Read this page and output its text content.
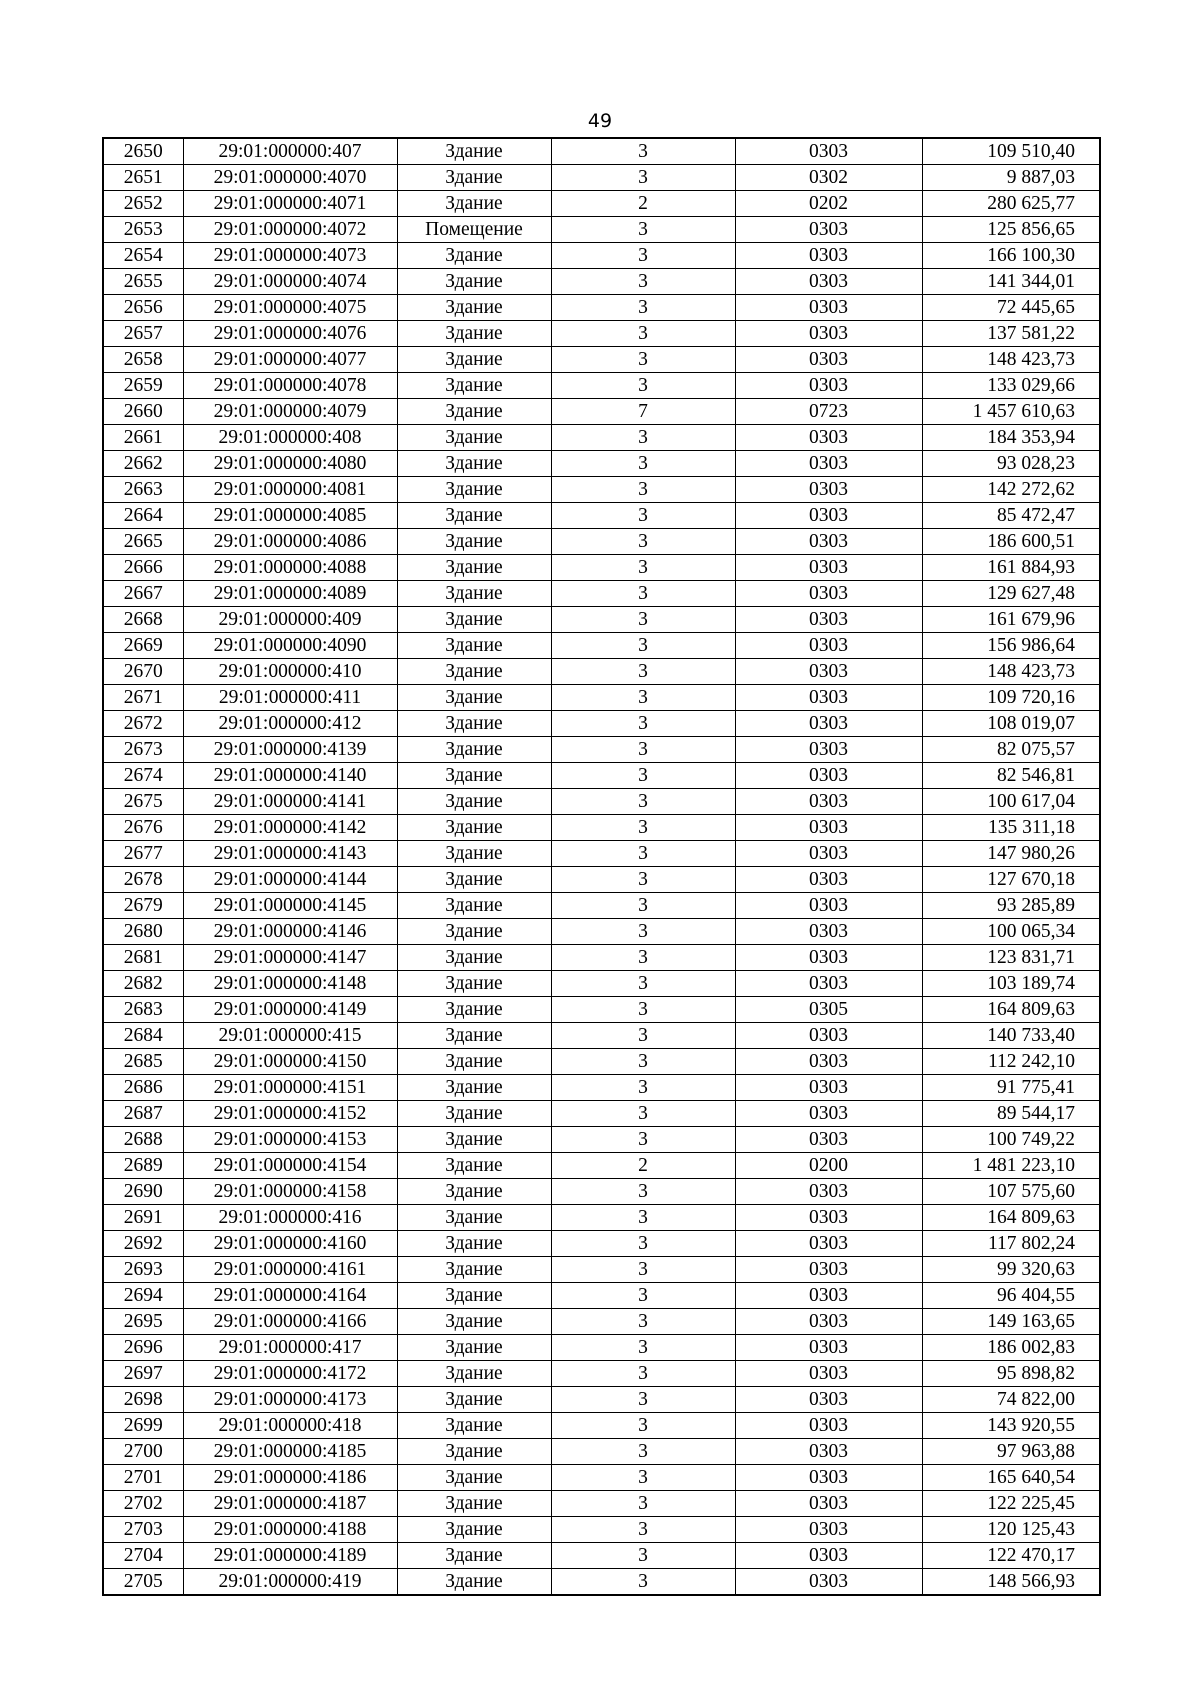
49
2650	29:01:000000:407	Здание	3	0303	109 510,40
2651	29:01:000000:4070	Здание	3	0302	9 887,03
2652	29:01:000000:4071	Здание	2	0202	280 625,77
2653	29:01:000000:4072	Помещение	3	0303	125 856,65
2654	29:01:000000:4073	Здание	3	0303	166 100,30
2655	29:01:000000:4074	Здание	3	0303	141 344,01
2656	29:01:000000:4075	Здание	3	0303	72 445,65
2657	29:01:000000:4076	Здание	3	0303	137 581,22
2658	29:01:000000:4077	Здание	3	0303	148 423,73
2659	29:01:000000:4078	Здание	3	0303	133 029,66
2660	29:01:000000:4079	Здание	7	0723	1 457 610,63
2661	29:01:000000:408	Здание	3	0303	184 353,94
2662	29:01:000000:4080	Здание	3	0303	93 028,23
2663	29:01:000000:4081	Здание	3	0303	142 272,62
2664	29:01:000000:4085	Здание	3	0303	85 472,47
2665	29:01:000000:4086	Здание	3	0303	186 600,51
2666	29:01:000000:4088	Здание	3	0303	161 884,93
2667	29:01:000000:4089	Здание	3	0303	129 627,48
2668	29:01:000000:409	Здание	3	0303	161 679,96
2669	29:01:000000:4090	Здание	3	0303	156 986,64
2670	29:01:000000:410	Здание	3	0303	148 423,73
2671	29:01:000000:411	Здание	3	0303	109 720,16
2672	29:01:000000:412	Здание	3	0303	108 019,07
2673	29:01:000000:4139	Здание	3	0303	82 075,57
2674	29:01:000000:4140	Здание	3	0303	82 546,81
2675	29:01:000000:4141	Здание	3	0303	100 617,04
2676	29:01:000000:4142	Здание	3	0303	135 311,18
2677	29:01:000000:4143	Здание	3	0303	147 980,26
2678	29:01:000000:4144	Здание	3	0303	127 670,18
2679	29:01:000000:4145	Здание	3	0303	93 285,89
2680	29:01:000000:4146	Здание	3	0303	100 065,34
2681	29:01:000000:4147	Здание	3	0303	123 831,71
2682	29:01:000000:4148	Здание	3	0303	103 189,74
2683	29:01:000000:4149	Здание	3	0305	164 809,63
2684	29:01:000000:415	Здание	3	0303	140 733,40
2685	29:01:000000:4150	Здание	3	0303	112 242,10
2686	29:01:000000:4151	Здание	3	0303	91 775,41
2687	29:01:000000:4152	Здание	3	0303	89 544,17
2688	29:01:000000:4153	Здание	3	0303	100 749,22
2689	29:01:000000:4154	Здание	2	0200	1 481 223,10
2690	29:01:000000:4158	Здание	3	0303	107 575,60
2691	29:01:000000:416	Здание	3	0303	164 809,63
2692	29:01:000000:4160	Здание	3	0303	117 802,24
2693	29:01:000000:4161	Здание	3	0303	99 320,63
2694	29:01:000000:4164	Здание	3	0303	96 404,55
2695	29:01:000000:4166	Здание	3	0303	149 163,65
2696	29:01:000000:417	Здание	3	0303	186 002,83
2697	29:01:000000:4172	Здание	3	0303	95 898,82
2698	29:01:000000:4173	Здание	3	0303	74 822,00
2699	29:01:000000:418	Здание	3	0303	143 920,55
2700	29:01:000000:4185	Здание	3	0303	97 963,88
2701	29:01:000000:4186	Здание	3	0303	165 640,54
2702	29:01:000000:4187	Здание	3	0303	122 225,45
2703	29:01:000000:4188	Здание	3	0303	120 125,43
2704	29:01:000000:4189	Здание	3	0303	122 470,17
2705	29:01:000000:419	Здание	3	0303	148 566,93
